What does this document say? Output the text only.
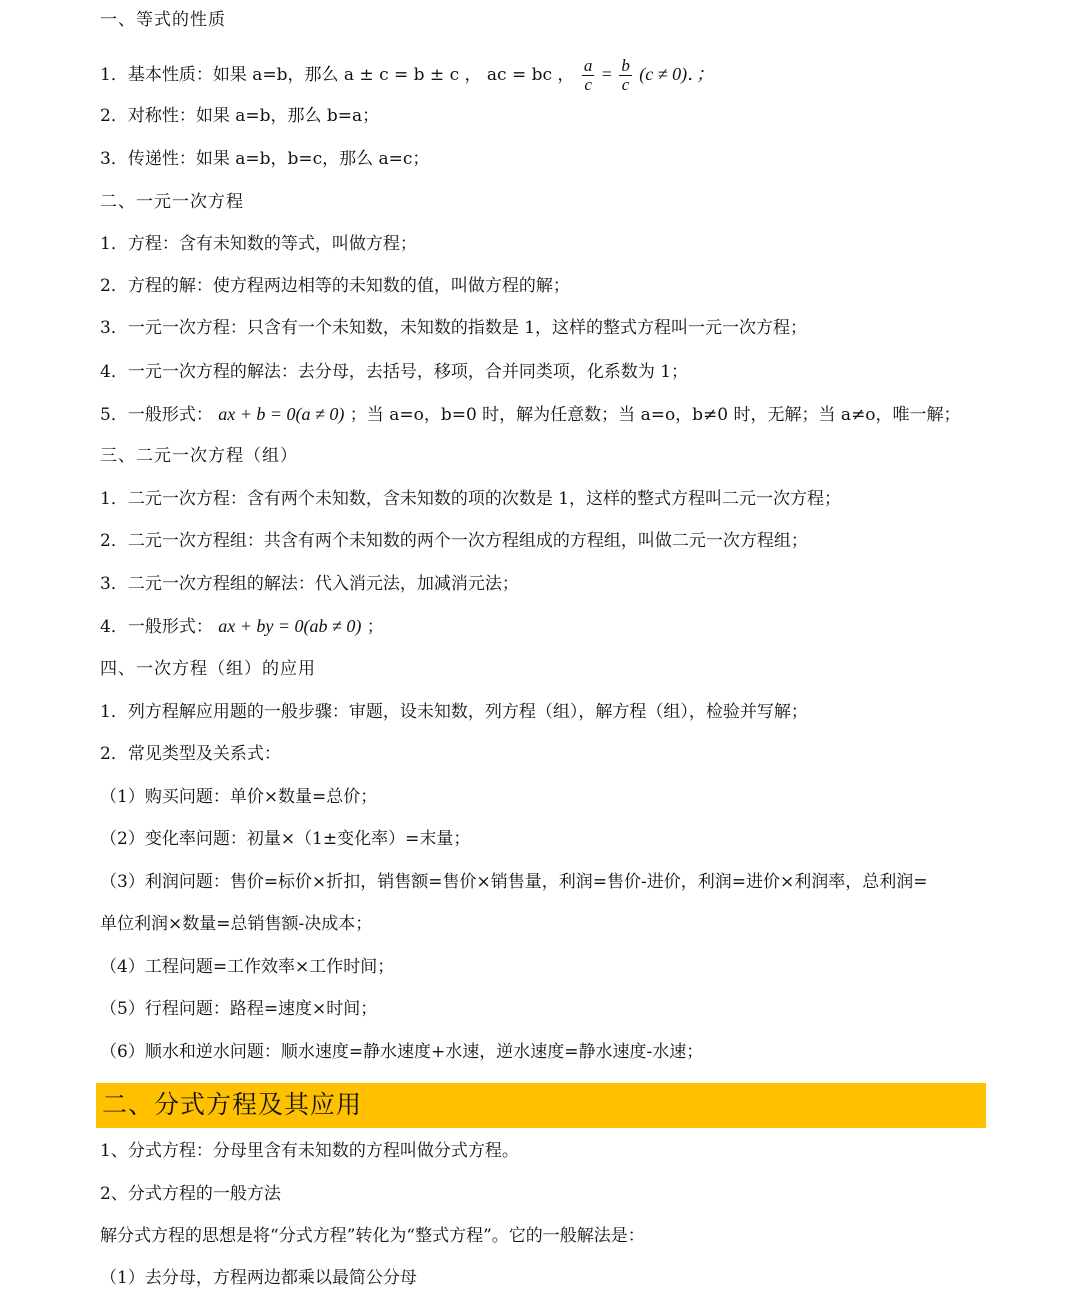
一、等式的性质
1．基本性质：如果 a=b，那么 a ± c = b ± c ， ac = bc ， $\frac{a}{c} = \frac{b}{c} (c \ne 0)$．；
2．对称性：如果 a=b，那么 b=a；
3．传递性：如果 a=b，b=c，那么 a=c；
二、一元一次方程
1．方程：含有未知数的等式，叫做方程；
2．方程的解：使方程两边相等的未知数的值，叫做方程的解；
3．一元一次方程：只含有一个未知数，未知数的指数是 1，这样的整式方程叫一元一次方程；
4．一元一次方程的解法：去分母，去括号，移项，合并同类项，化系数为 1；
5．一般形式： ax + b = 0(a ≠ 0) ；当 a=o，b=0 时，解为任意数；当 a=o，b≠0 时，无解；当 a≠o，唯一解；
三、二元一次方程（组）
1．二元一次方程：含有两个未知数，含未知数的项的次数是 1，这样的整式方程叫二元一次方程；
2．二元一次方程组：共含有两个未知数的两个一次方程组成的方程组，叫做二元一次方程组；
3．二元一次方程组的解法：代入消元法，加减消元法；
4．一般形式： ax + by = 0(ab ≠ 0) ；
四、一次方程（组）的应用
1．列方程解应用题的一般步骤：审题，设未知数，列方程（组），解方程（组），检验并写解；
2．常见类型及关系式：
（1）购买问题：单价×数量=总价；
（2）变化率问题：初量×（1±变化率）=末量；
（3）利润问题：售价=标价×折扣，销售额=售价×销售量，利润=售价-进价，利润=进价×利润率，总利润=
单位利润×数量=总销售额-决成本；
（4）工程问题=工作效率×工作时间；
（5）行程问题：路程=速度×时间；
（6）顺水和逆水问题：顺水速度=静水速度+水速，逆水速度=静水速度-水速；
二、分式方程及其应用
1、分式方程：分母里含有未知数的方程叫做分式方程。
2、分式方程的一般方法
解分式方程的思想是将“分式方程”转化为“整式方程”。它的一般解法是：
（1）去分母，方程两边都乘以最简公分母
